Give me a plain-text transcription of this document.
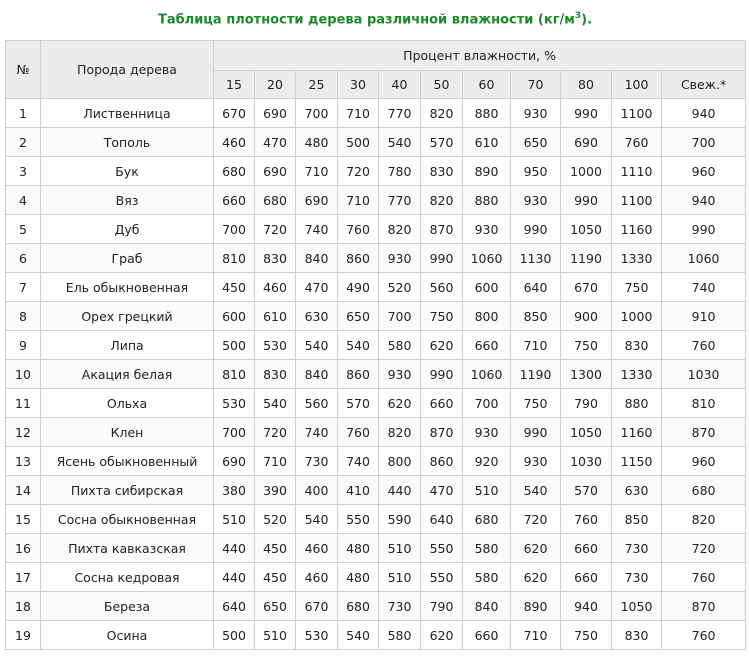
Таблица плотности дерева различной влажности $(кг/м^3)$.
№	Порода дерева	Процент влажности, %										
		15	20	25	30	40	50	60	70	80	100	Свеж.*
1	Лиственница	670	690	700	710	770	820	880	930	990	1100	940
2	Тополь	460	470	480	500	540	570	610	650	690	760	700
3	Бук	680	690	710	720	780	830	890	950	1000	1110	960
4	Вяз	660	680	690	710	770	820	880	930	990	1100	940
5	Дуб	700	720	740	760	820	870	930	990	1050	1160	990
6	Граб	810	830	840	860	930	990	1060	1130	1190	1330	1060
7	Ель обыкновенная	450	460	470	490	520	560	600	640	670	750	740
8	Орех грецкий	600	610	630	650	700	750	800	850	900	1000	910
9	Липа	500	530	540	540	580	620	660	710	750	830	760
10	Акация белая	810	830	840	860	930	990	1060	1190	1300	1330	1030
11	Ольха	530	540	560	570	620	660	700	750	790	880	810
12	Клен	700	720	740	760	820	870	930	990	1050	1160	870
13	Ясень обыкновенный	690	710	730	740	800	860	920	930	1030	1150	960
14	Пихта сибирская	380	390	400	410	440	470	510	540	570	630	680
15	Сосна обыкновенная	510	520	540	550	590	640	680	720	760	850	820
16	Пихта кавказская	440	450	460	480	510	550	580	620	660	730	720
17	Сосна кедровая	440	450	460	480	510	550	580	620	660	730	760
18	Береза	640	650	670	680	730	790	840	890	940	1050	870
19	Осина	500	510	530	540	580	620	660	710	750	830	760
